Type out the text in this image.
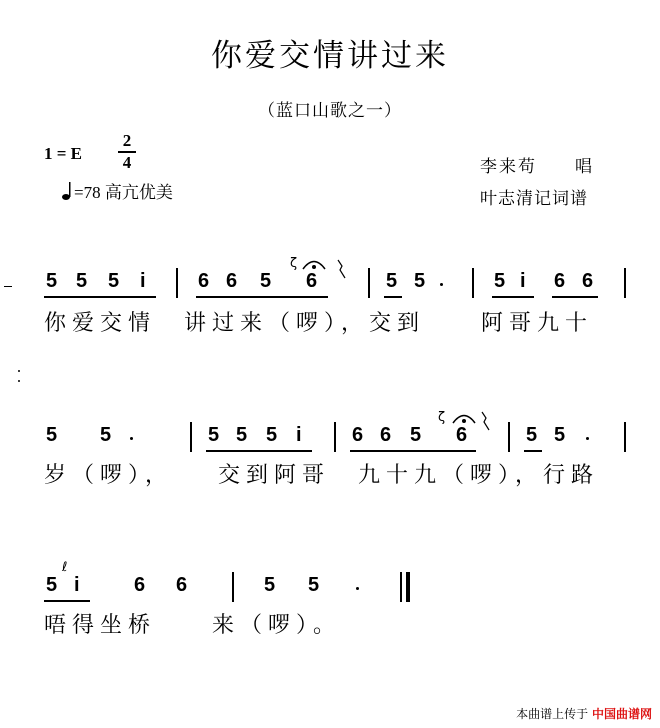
你爱交情讲过来
（蓝口山歌之一）
1 = E
2
4
=78 高亢优美
李来苟　　唱
叶志清记词谱
5 5 5 i	6 6 5
ζ
6	5 5	5 i 6 6
你爱交情　讲过来（啰），交到　　阿哥九十
5 5	5 5 5 i	6 6 5
ζ
6	5 5
岁（啰），　　交到阿哥　九十九（啰），行路
5
ℓ
i	6 6	5 5
唔得坐桥　　来（啰）。
本曲谱上传于 中国曲谱网
